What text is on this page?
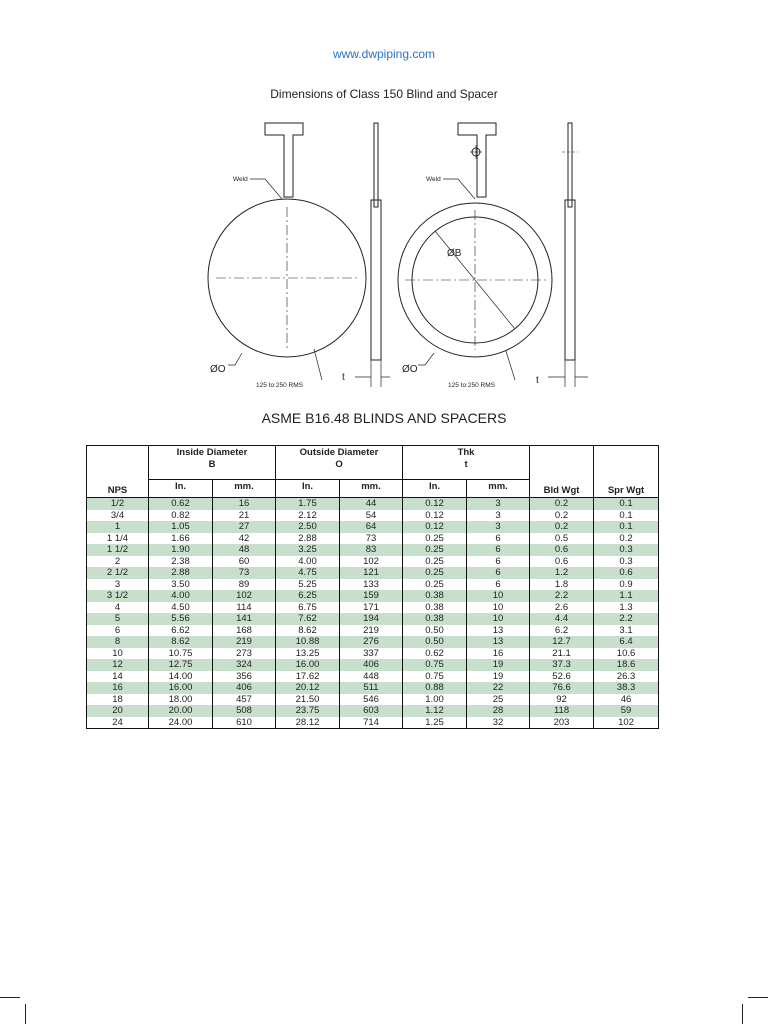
www.dwpiping.com
Dimensions of Class 150 Blind and Spacer
Weld	Weld
125 to 250 RMS	125 to 250 RMS
ØO	ØO
ØB
t	t
ASME B16.48 BLINDS AND SPACERS
NPS	Inside Diameter
B		Outside Diameter
O		Thk
t		Bld Wgt	Spr Wgt
	In.	mm.	In.	mm.	In.	mm.		
1/2	0.62	16	1.75	44	0.12	3	0.2	0.1
3/4	0.82	21	2.12	54	0.12	3	0.2	0.1
1	1.05	27	2.50	64	0.12	3	0.2	0.1
1 1/4	1.66	42	2.88	73	0.25	6	0.5	0.2
1 1/2	1.90	48	3.25	83	0.25	6	0.6	0.3
2	2.38	60	4.00	102	0.25	6	0.6	0.3
2 1/2	2.88	73	4.75	121	0.25	6	1.2	0.6
3	3.50	89	5.25	133	0.25	6	1.8	0.9
3 1/2	4.00	102	6.25	159	0.38	10	2.2	1.1
4	4.50	114	6.75	171	0.38	10	2.6	1.3
5	5.56	141	7.62	194	0.38	10	4.4	2.2
6	6.62	168	8.62	219	0.50	13	6.2	3.1
8	8.62	219	10.88	276	0.50	13	12.7	6.4
10	10.75	273	13.25	337	0.62	16	21.1	10.6
12	12.75	324	16.00	406	0.75	19	37.3	18.6
14	14.00	356	17.62	448	0.75	19	52.6	26.3
16	16.00	406	20.12	511	0.88	22	76.6	38.3
18	18.00	457	21.50	546	1.00	25	92	46
20	20.00	508	23.75	603	1.12	28	118	59
24	24.00	610	28.12	714	1.25	32	203	102
